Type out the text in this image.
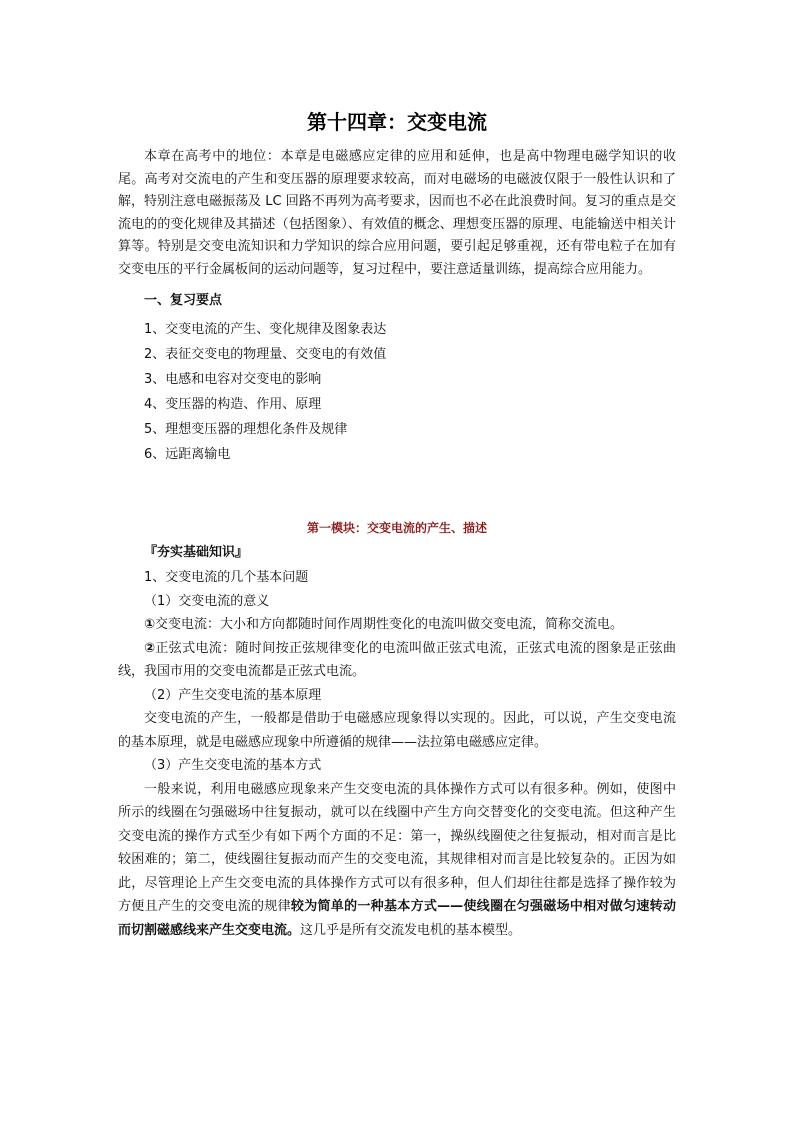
第十四章：交变电流

本章在高考中的地位：本章是电磁感应定律的应用和延伸，也是高中物理电磁学知识的收尾。高考对交流电的产生和变压器的原理要求较高，而对电磁场的电磁波仅限于一般性认识和了解，特别注意电磁振荡及 LC 回路不再列为高考要求，因而也不必在此浪费时间。复习的重点是交流电的的变化规律及其描述（包括图象）、有效值的概念、理想变压器的原理、电能输送中相关计算等。特别是交变电流知识和力学知识的综合应用问题，要引起足够重视，还有带电粒子在加有交变电压的平行金属板间的运动问题等，复习过程中，要注意适量训练，提高综合应用能力。

一、复习要点
1、交变电流的产生、变化规律及图象表达
2、表征交变电的物理量、交变电的有效值
3、电感和电容对交变电的影响
4、变压器的构造、作用、原理
5、理想变压器的理想化条件及规律
6、远距离输电
第一模块：交变电流的产生、描述
『夯实基础知识』
1、交变电流的几个基本问题
（1）交变电流的意义

①交变电流：大小和方向都随时间作周期性变化的电流叫做交变电流，简称交流电。

②正弦式电流：随时间按正弦规律变化的电流叫做正弦式电流，正弦式电流的图象是正弦曲线，我国市用的交变电流都是正弦式电流。

（2）产生交变电流的基本原理

交变电流的产生，一般都是借助于电磁感应现象得以实现的。因此，可以说，产生交变电流的基本原理，就是电磁感应现象中所遵循的规律——法拉第电磁感应定律。

（3）产生交变电流的基本方式

一般来说，利用电磁感应现象来产生交变电流的具体操作方式可以有很多种。例如，使图中所示的线圈在匀强磁场中往复振动，就可以在线圈中产生方向交替变化的交变电流。但这种产生交变电流的操作方式至少有如下两个方面的不足：第一，操纵线圈使之往复振动，相对而言是比较困难的；第二，使线圈往复振动而产生的交变电流，其规律相对而言是比较复杂的。正因为如此，尽管理论上产生交变电流的具体操作方式可以有很多种，但人们却往往都是选择了操作较为方便且产生的交变电流的规律较为简单的一种基本方式——使线圈在匀强磁场中相对做匀速转动而切割磁感线来产生交变电流。这几乎是所有交流发电机的基本模型。
